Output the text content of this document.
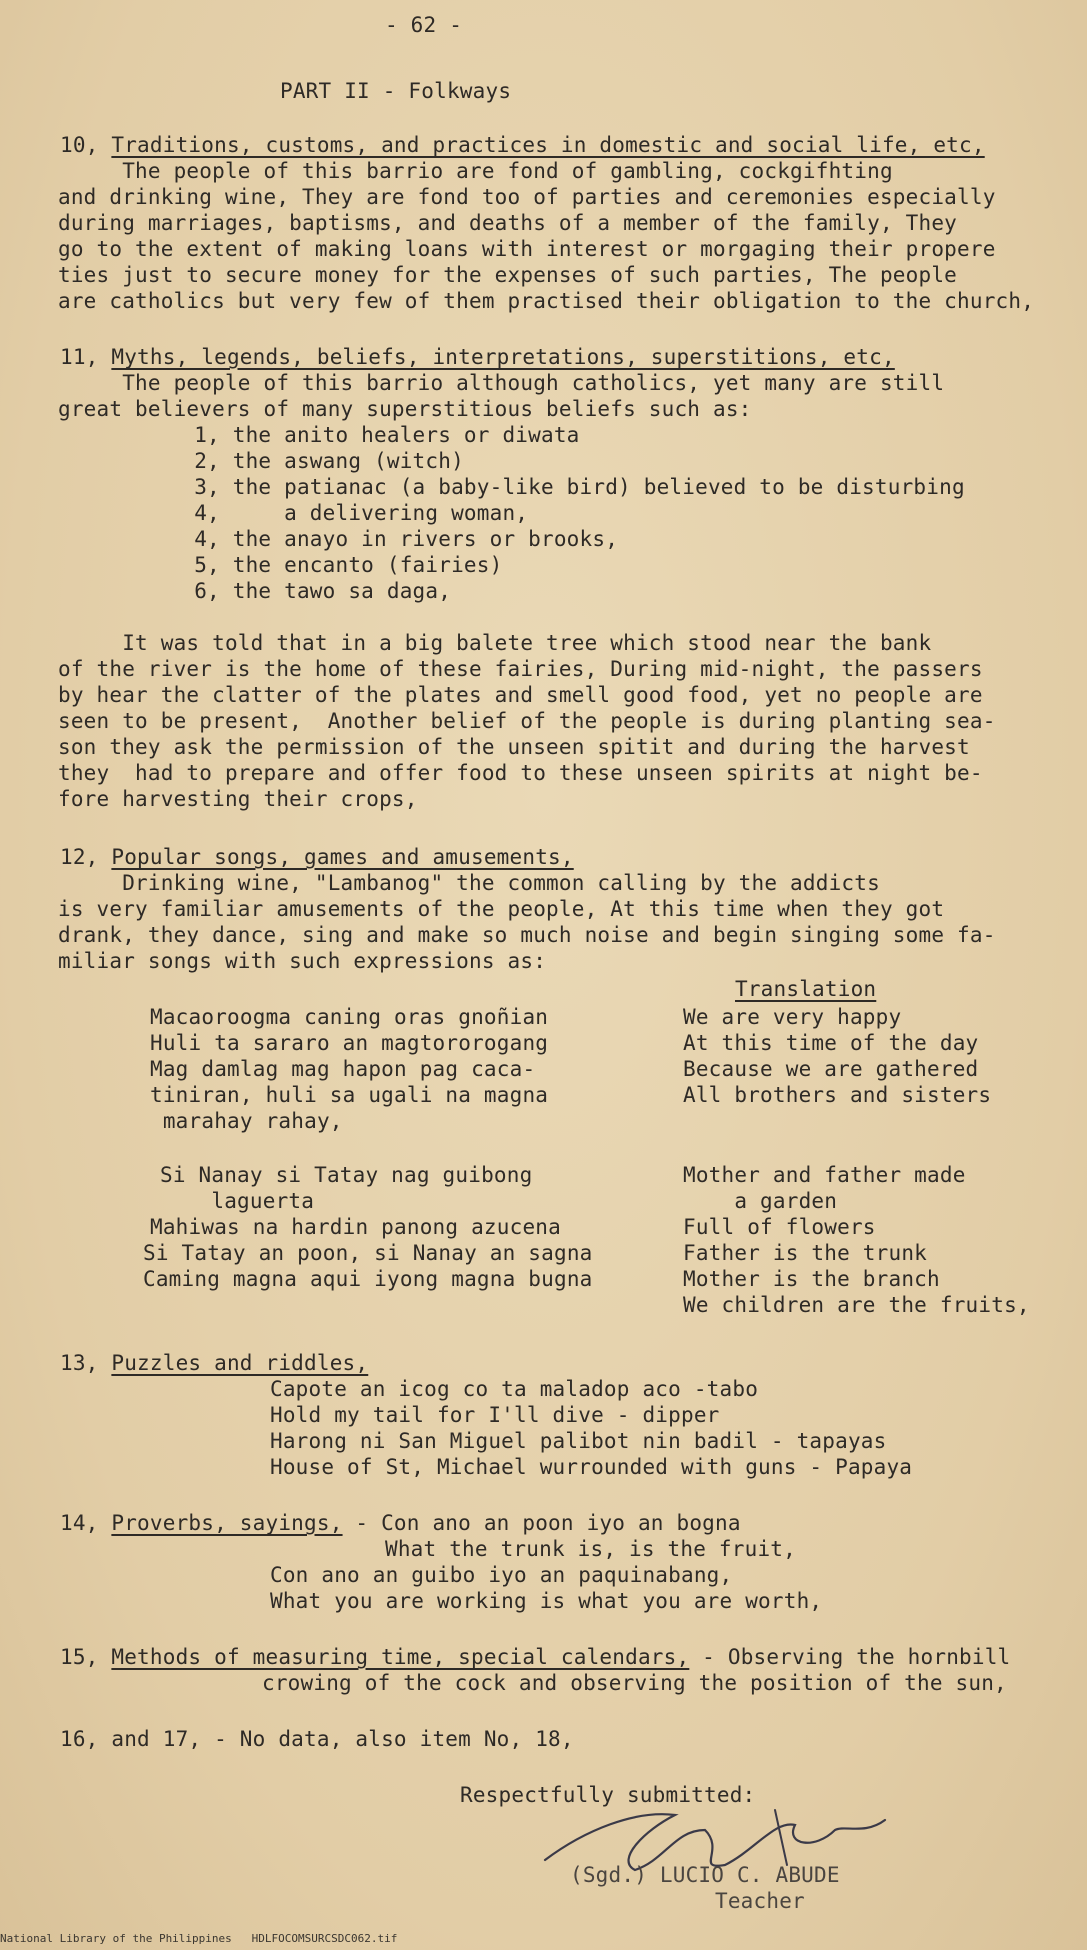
- 62 -
PART II - Folkways
10, Traditions, customs, and practices in domestic and social life, etc,
The people of this barrio are fond of gambling, cockgifhting
and drinking wine, They are fond too of parties and ceremonies especially
during marriages, baptisms, and deaths of a member of the family, They
go to the extent of making loans with interest or morgaging their propere
ties just to secure money for the expenses of such parties, The people
are catholics but very few of them practised their obligation to the church,
11, Myths, legends, beliefs, interpretations, superstitions, etc,
The people of this barrio although catholics, yet many are still
great believers of many superstitious beliefs such as:
1, the anito healers or diwata
2, the aswang (witch)
3, the patianac (a baby-like bird) believed to be disturbing
4,     a delivering woman,
4, the anayo in rivers or brooks,
5, the encanto (fairies)
6, the tawo sa daga,
It was told that in a big balete tree which stood near the bank
of the river is the home of these fairies, During mid-night, the passers
by hear the clatter of the plates and smell good food, yet no people are
seen to be present,  Another belief of the people is during planting sea-
son they ask the permission of the unseen spitit and during the harvest
they  had to prepare and offer food to these unseen spirits at night be-
fore harvesting their crops,
12, Popular songs, games and amusements,
Drinking wine, "Lambanog" the common calling by the addicts
is very familiar amusements of the people, At this time when they got
drank, they dance, sing and make so much noise and begin singing some fa-
miliar songs with such expressions as:
Translation
Macaoroogma caning oras gnoñian
Huli ta sararo an magtororogang
Mag damlag mag hapon pag caca-
tiniran, huli sa ugali na magna
marahay rahay,
We are very happy
At this time of the day
Because we are gathered
All brothers and sisters
Si Nanay si Tatay nag guibong
laguerta
Mahiwas na hardin panong azucena
Si Tatay an poon, si Nanay an sagna
Caming magna aqui iyong magna bugna
Mother and father made
a garden
Full of flowers
Father is the trunk
Mother is the branch
We children are the fruits,
13, Puzzles and riddles,
Capote an icog co ta maladop aco -tabo
Hold my tail for I'll dive - dipper
Harong ni San Miguel palibot nin badil - tapayas
House of St, Michael wurrounded with guns - Papaya
14, Proverbs, sayings, - Con ano an poon iyo an bogna
What the trunk is, is the fruit,
Con ano an guibo iyo an paquinabang,
What you are working is what you are worth,
15, Methods of measuring time, special calendars, - Observing the hornbill
crowing of the cock and observing the position of the sun,
16, and 17, - No data, also item No, 18,
Respectfully submitted:
(Sgd.) LUCIO C. ABUDE
Teacher
National Library of the Philippines   HDLFOCOMSURCSDC062.tif
